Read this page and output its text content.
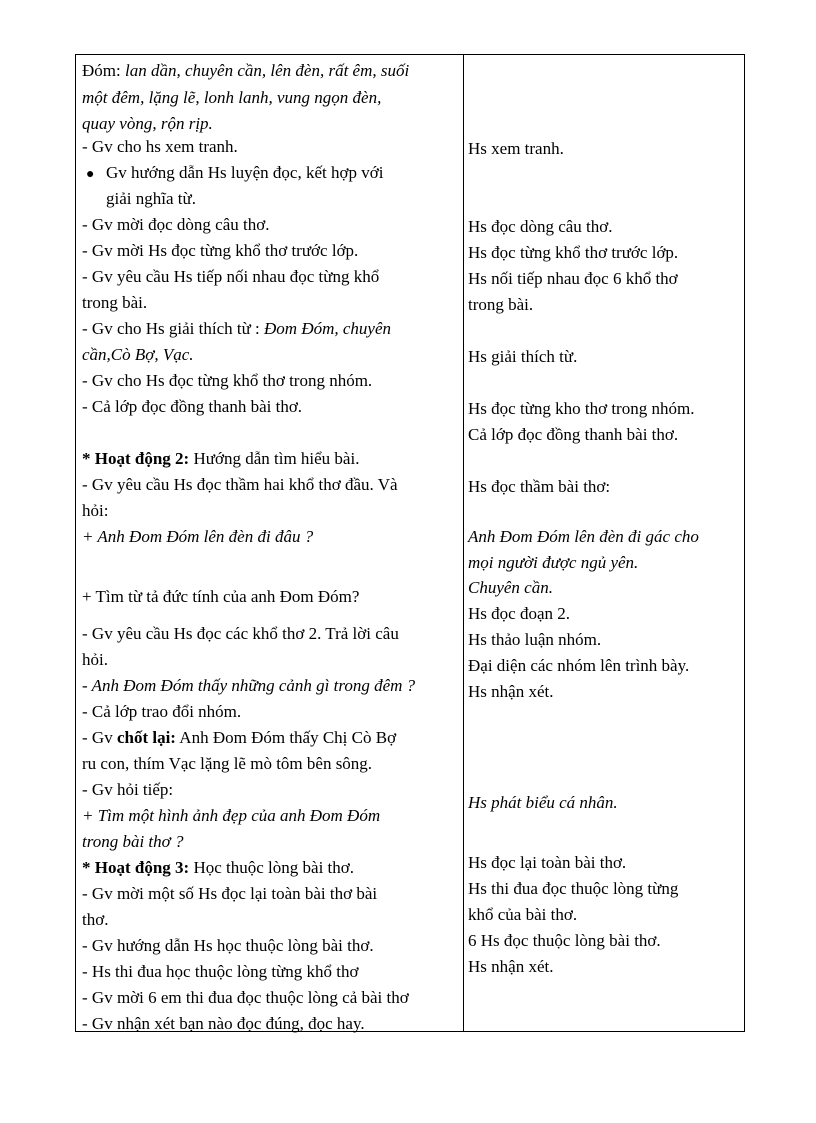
Đóm: lan dần, chuyên cần, lên đèn, rất êm, suối
một đêm, lặng lẽ, lonh lanh, vung ngọn đèn,
quay vòng, rộn rịp.
- Gv cho hs xem tranh.
● Gv hướng dẫn Hs luyện đọc, kết hợp với
giải nghĩa từ.
- Gv mời đọc dòng câu thơ.
- Gv mời Hs đọc từng khổ thơ trước lớp.
- Gv yêu cầu Hs tiếp nối nhau đọc từng khổ
trong bài.
- Gv cho Hs giải thích từ : Đom Đóm, chuyên
cần,Cò Bợ, Vạc.
- Gv cho Hs đọc từng khổ thơ trong nhóm.
- Cả lớp đọc đồng thanh bài thơ.
* Hoạt động 2: Hướng dẫn tìm hiểu bài.
- Gv yêu cầu Hs đọc thầm hai khổ thơ đầu. Và
hỏi:
+ Anh Đom Đóm lên đèn đi đâu ?
+ Tìm từ tả đức tính của anh Đom Đóm?
- Gv yêu cầu Hs đọc các khổ thơ 2. Trả lời câu
hỏi.
- Anh Đom Đóm thấy những cảnh gì trong đêm ?
- Cả lớp trao đổi nhóm.
- Gv chốt lại: Anh Đom Đóm thấy Chị Cò Bợ
ru con, thím Vạc lặng lẽ mò tôm bên sông.
- Gv hỏi tiếp:
+ Tìm một hình ảnh đẹp của anh Đom Đóm
trong bài thơ ?
* Hoạt động 3: Học thuộc lòng bài thơ.
- Gv mời một số Hs đọc lại toàn bài thơ bài
thơ.
- Gv hướng dẫn Hs học thuộc lòng bài thơ.
- Hs thi đua học thuộc lòng từng khổ thơ
- Gv mời 6 em thi đua đọc thuộc lòng cả bài thơ
- Gv nhận xét bạn nào đọc đúng, đọc hay.
Hs xem tranh.
Hs đọc dòng câu thơ.
Hs đọc từng khổ thơ trước lớp.
Hs nối tiếp nhau đọc 6 khổ thơ
trong bài.
Hs giải thích từ.
Hs đọc từng kho thơ trong nhóm.
Cả lớp đọc đồng thanh bài thơ.
Hs đọc thầm bài thơ:
Anh Đom Đóm lên đèn đi gác cho
mọi người được ngủ yên.
Chuyên cần.
Hs đọc đoạn 2.
Hs thảo luận nhóm.
Đại diện các nhóm lên trình bày.
Hs nhận xét.
Hs phát biểu cá nhân.
Hs đọc lại toàn bài thơ.
Hs thi đua đọc thuộc lòng từng
khổ của bài thơ.
6 Hs đọc thuộc lòng bài thơ.
Hs nhận xét.
